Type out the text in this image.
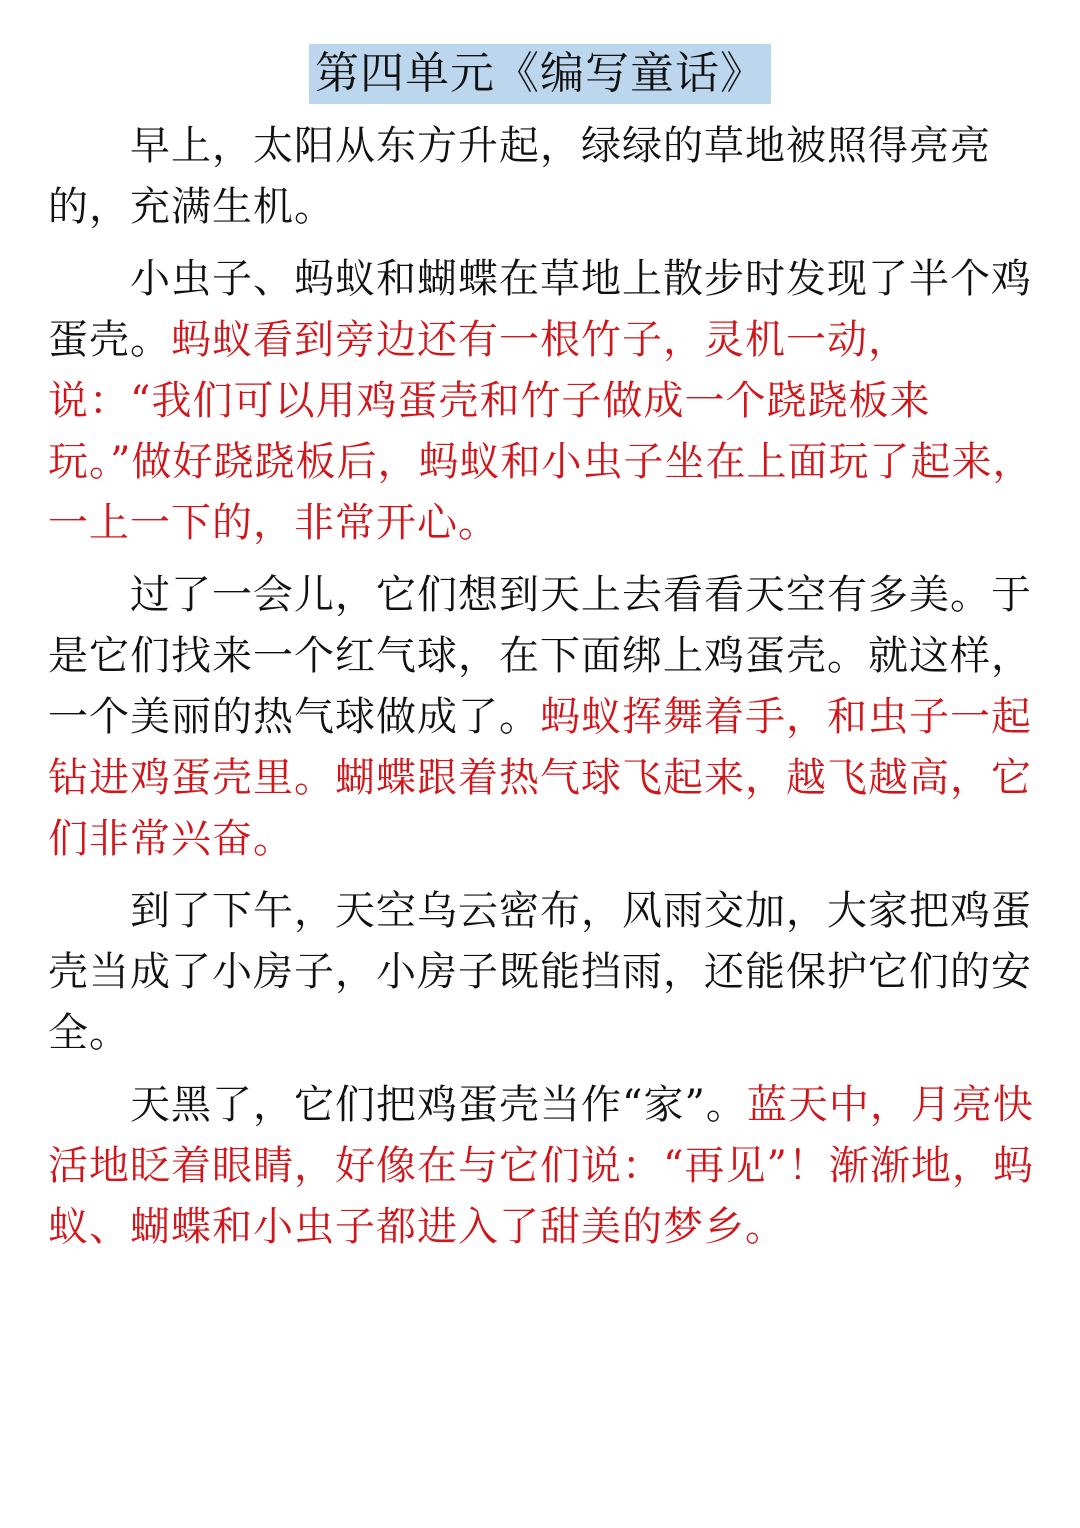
第四单元《编写童话》

早上，太阳从东方升起，绿绿的草地被照得亮亮的，充满生机。

小虫子、蚂蚁和蝴蝶在草地上散步时发现了半个鸡蛋壳。蚂蚁看到旁边还有一根竹子，灵机一动，说：“我们可以用鸡蛋壳和竹子做成一个跷跷板来玩。”做好跷跷板后，蚂蚁和小虫子坐在上面玩了起来，一上一下的，非常开心。

过了一会儿，它们想到天上去看看天空有多美。于是它们找来一个红气球，在下面绑上鸡蛋壳。就这样，一个美丽的热气球做成了。蚂蚁挥舞着手，和虫子一起钻进鸡蛋壳里。蝴蝶跟着热气球飞起来，越飞越高，它们非常兴奋。

到了下午，天空乌云密布，风雨交加，大家把鸡蛋壳当成了小房子，小房子既能挡雨，还能保护它们的安全。

天黑了，它们把鸡蛋壳当作“家”。蓝天中，月亮快活地眨着眼睛，好像在与它们说：“再见”！渐渐地，蚂蚁、蝴蝶和小虫子都进入了甜美的梦乡。
